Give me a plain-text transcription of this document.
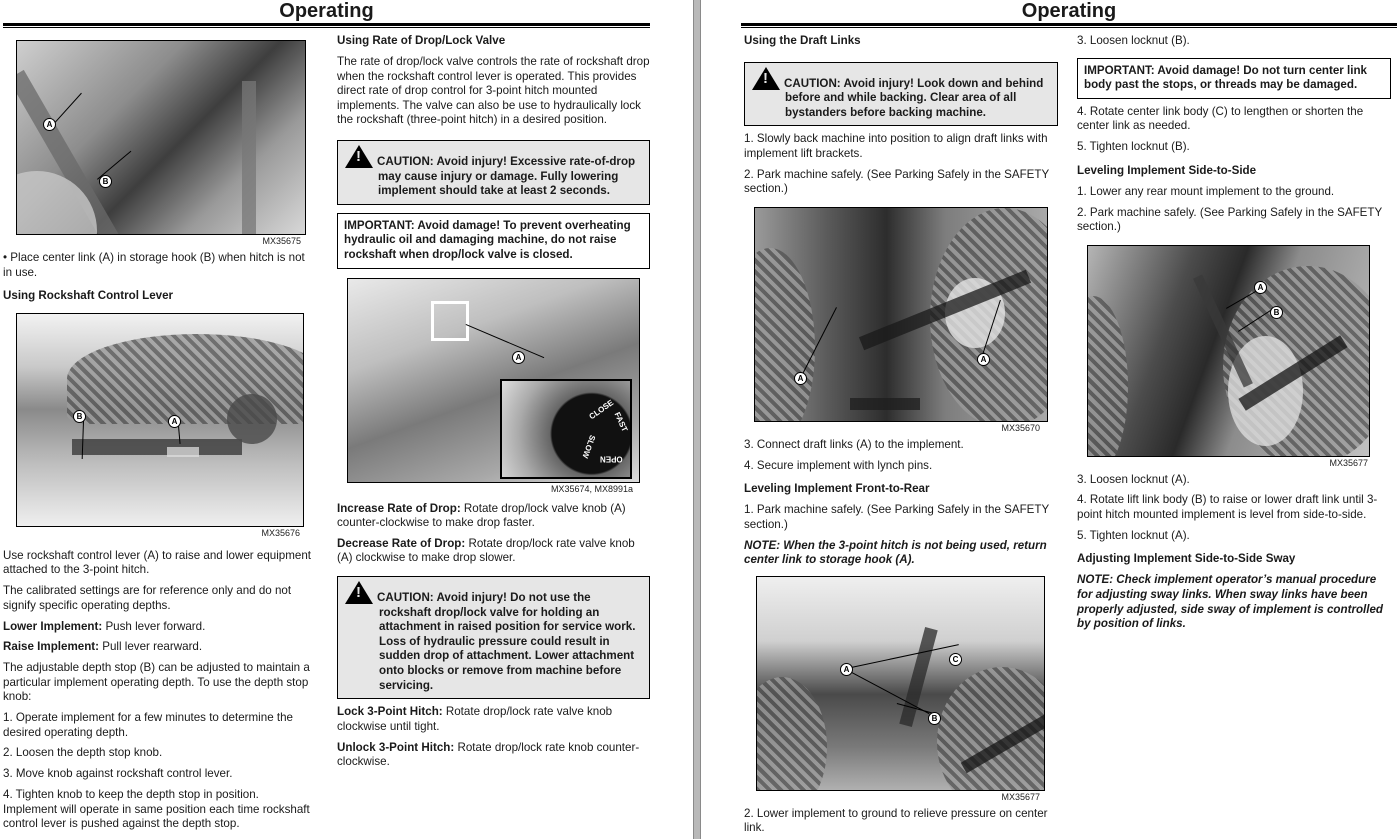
Operating
A
B
MX35675

• Place center link (A) in storage hook (B) when hitch is not in use.

Using Rockshaft Control Lever
B
A
MX35676

Use rockshaft control lever (A) to raise and lower equipment attached to the 3-point hitch.

The calibrated settings are for reference only and do not signify specific operating depths.

Lower Implement: Push lever forward.

Raise Implement: Pull lever rearward.

The adjustable depth stop (B) can be adjusted to maintain a particular implement operating depth. To use the depth stop knob:

1. Operate implement for a few minutes to determine the desired operating depth.

2. Loosen the depth stop knob.

3. Move knob against rockshaft control lever.

4. Tighten knob to keep the depth stop in position. Implement will operate in same position each time rockshaft control lever is pushed against the depth stop.

Using Rate of Drop/Lock Valve

The rate of drop/lock valve controls the rate of rockshaft drop when the rockshaft control lever is operated. This provides direct rate of drop control for 3-point hitch mounted implements. The valve can also be use to hydraulically lock the rockshaft (three-point hitch) in a desired position.

!
CAUTION: Avoid injury! Excessive rate-of-drop
may cause injury or damage. Fully lowering implement should take at least 2 seconds.
IMPORTANT: Avoid damage! To prevent overheating hydraulic oil and damaging machine, do not raise rockshaft when drop/lock valve is closed.
A
CLOSE
FAST
SLOW OPEN
MX35674, MX8991a

Increase Rate of Drop: Rotate drop/lock valve knob (A) counter-clockwise to make drop faster.

Decrease Rate of Drop: Rotate drop/lock rate valve knob (A) clockwise to make drop slower.

!
CAUTION: Avoid injury! Do not use the
rockshaft drop/lock valve for holding an attachment in raised position for service work. Loss of hydraulic pressure could result in sudden drop of attachment. Lower attachment onto blocks or remove from machine before servicing.

Lock 3-Point Hitch: Rotate drop/lock rate valve knob clockwise until tight.

Unlock 3-Point Hitch: Rotate drop/lock rate knob counter-clockwise.

Operating
Using the Draft Links
!
CAUTION: Avoid injury! Look down and behind
before and while backing. Clear area of all bystanders before backing machine.

1. Slowly back machine into position to align draft links with implement lift brackets.

2. Park machine safely. (See Parking Safely in the SAFETY section.)

A
A
MX35670

3. Connect draft links (A) to the implement.

4. Secure implement with lynch pins.

Leveling Implement Front-to-Rear

1. Park machine safely. (See Parking Safely in the SAFETY section.)

NOTE: When the 3-point hitch is not being used, return center link to storage hook (A).

C
A
B
MX35677

2. Lower implement to ground to relieve pressure on center link.

3. Loosen locknut (B).

IMPORTANT: Avoid damage! Do not turn center link body past the stops, or threads may be damaged.

4. Rotate center link body (C) to lengthen or shorten the center link as needed.

5. Tighten locknut (B).

Leveling Implement Side-to-Side

1. Lower any rear mount implement to the ground.

2. Park machine safely. (See Parking Safely in the SAFETY section.)

A
B
MX35677

3. Loosen locknut (A).

4. Rotate lift link body (B) to raise or lower draft link until 3-point hitch mounted implement is level from side-to-side.

5. Tighten locknut (A).

Adjusting Implement Side-to-Side Sway

NOTE: Check implement operator’s manual procedure for adjusting sway links. When sway links have been properly adjusted, side sway of implement is controlled by position of links.
